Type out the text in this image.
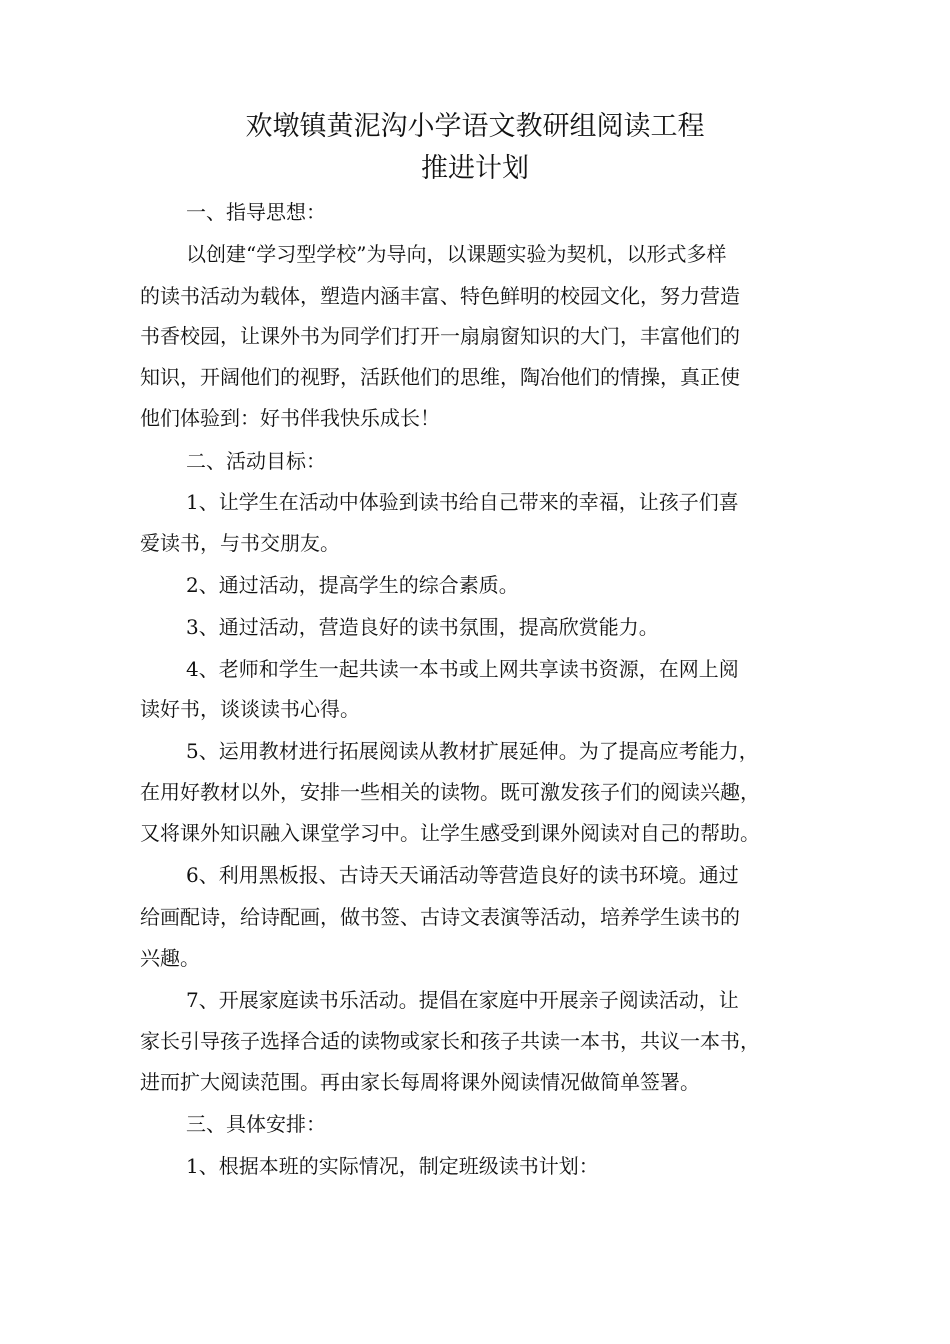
欢墩镇黄泥沟小学语文教研组阅读工程
推进计划
一、指导思想：
以创建“学习型学校”为导向，以课题实验为契机，以形式多样
的读书活动为载体，塑造内涵丰富、特色鲜明的校园文化，努力营造
书香校园，让课外书为同学们打开一扇扇窗知识的大门，丰富他们的
知识，开阔他们的视野，活跃他们的思维，陶冶他们的情操，真正使
他们体验到：好书伴我快乐成长！
二、活动目标：
1、让学生在活动中体验到读书给自己带来的幸福，让孩子们喜
爱读书，与书交朋友。
2、通过活动，提高学生的综合素质。
3、通过活动，营造良好的读书氛围，提高欣赏能力。
4、老师和学生一起共读一本书或上网共享读书资源，在网上阅
读好书，谈谈读书心得。
5、运用教材进行拓展阅读从教材扩展延伸。为了提高应考能力，
在用好教材以外，安排一些相关的读物。既可激发孩子们的阅读兴趣，
又将课外知识融入课堂学习中。让学生感受到课外阅读对自己的帮助。
6、利用黑板报、古诗天天诵活动等营造良好的读书环境。通过
给画配诗，给诗配画，做书签、古诗文表演等活动，培养学生读书的
兴趣。
7、开展家庭读书乐活动。提倡在家庭中开展亲子阅读活动，让
家长引导孩子选择合适的读物或家长和孩子共读一本书，共议一本书，
进而扩大阅读范围。再由家长每周将课外阅读情况做简单签署。
三、具体安排：
1、根据本班的实际情况，制定班级读书计划：
